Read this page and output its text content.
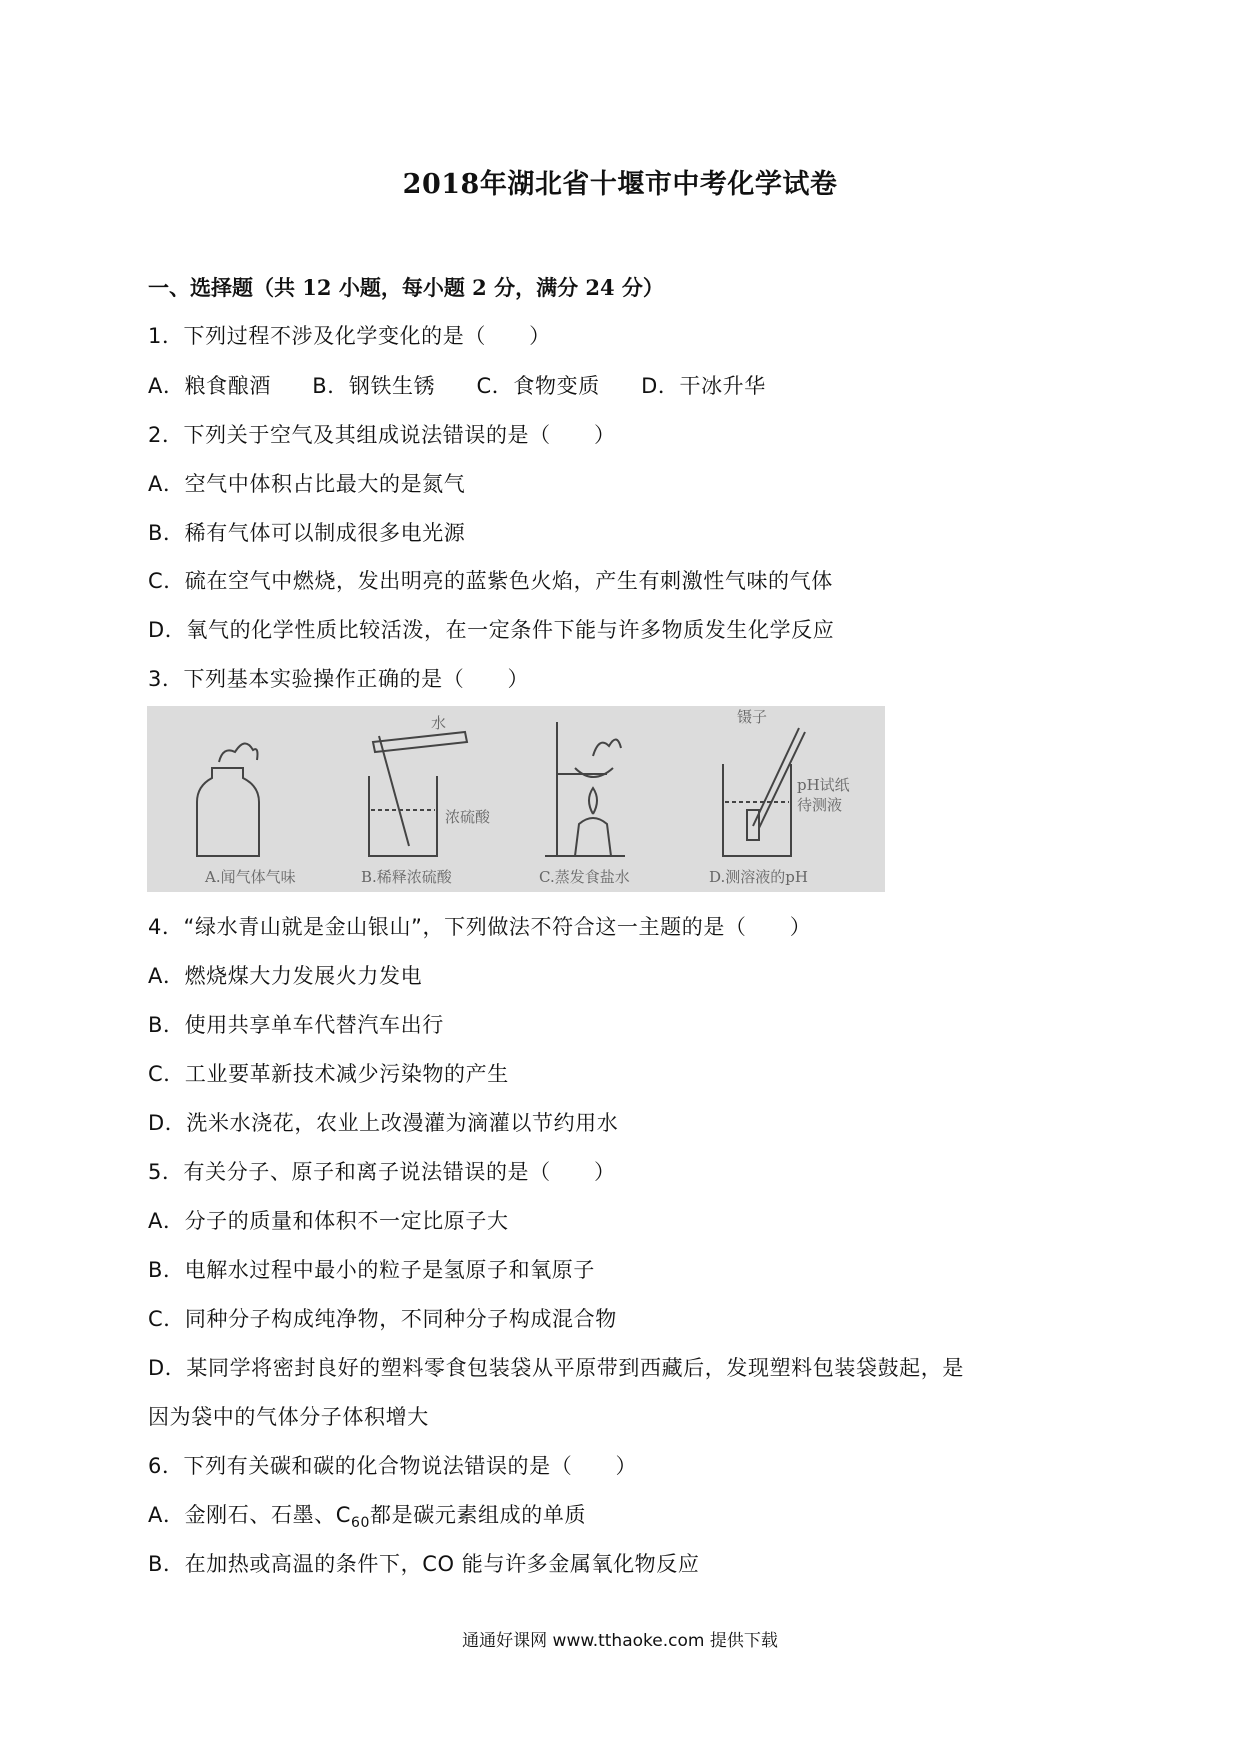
2018年湖北省十堰市中考化学试卷
一、选择题（共 12 小题，每小题 2 分，满分 24 分）
1．下列过程不涉及化学变化的是（　　）
A．粮食酿酒 B．钢铁生锈 C．食物变质 D．干冰升华
2．下列关于空气及其组成说法错误的是（　　）
A．空气中体积占比最大的是氮气
B．稀有气体可以制成很多电光源
C．硫在空气中燃烧，发出明亮的蓝紫色火焰，产生有刺激性气味的气体
D．氧气的化学性质比较活泼，在一定条件下能与许多物质发生化学反应
3．下列基本实验操作正确的是（　　）
A.闻气体气味	B.稀释浓硫酸	C.蒸发食盐水	D.测溶液的pH
水
浓硫酸
镊子
pH试纸
待测液
4．“绿水青山就是金山银山”，下列做法不符合这一主题的是（　　）
A．燃烧煤大力发展火力发电
B．使用共享单车代替汽车出行
C．工业要革新技术减少污染物的产生
D．洗米水浇花，农业上改漫灌为滴灌以节约用水
5．有关分子、原子和离子说法错误的是（　　）
A．分子的质量和体积不一定比原子大
B．电解水过程中最小的粒子是氢原子和氧原子
C．同种分子构成纯净物，不同种分子构成混合物
D．某同学将密封良好的塑料零食包装袋从平原带到西藏后，发现塑料包装袋鼓起，是
因为袋中的气体分子体积增大
6．下列有关碳和碳的化合物说法错误的是（　　）
A．金刚石、石墨、$C_{60}$都是碳元素组成的单质
B．在加热或高温的条件下，CO 能与许多金属氧化物反应
通通好课网 www.tthaoke.com 提供下载
